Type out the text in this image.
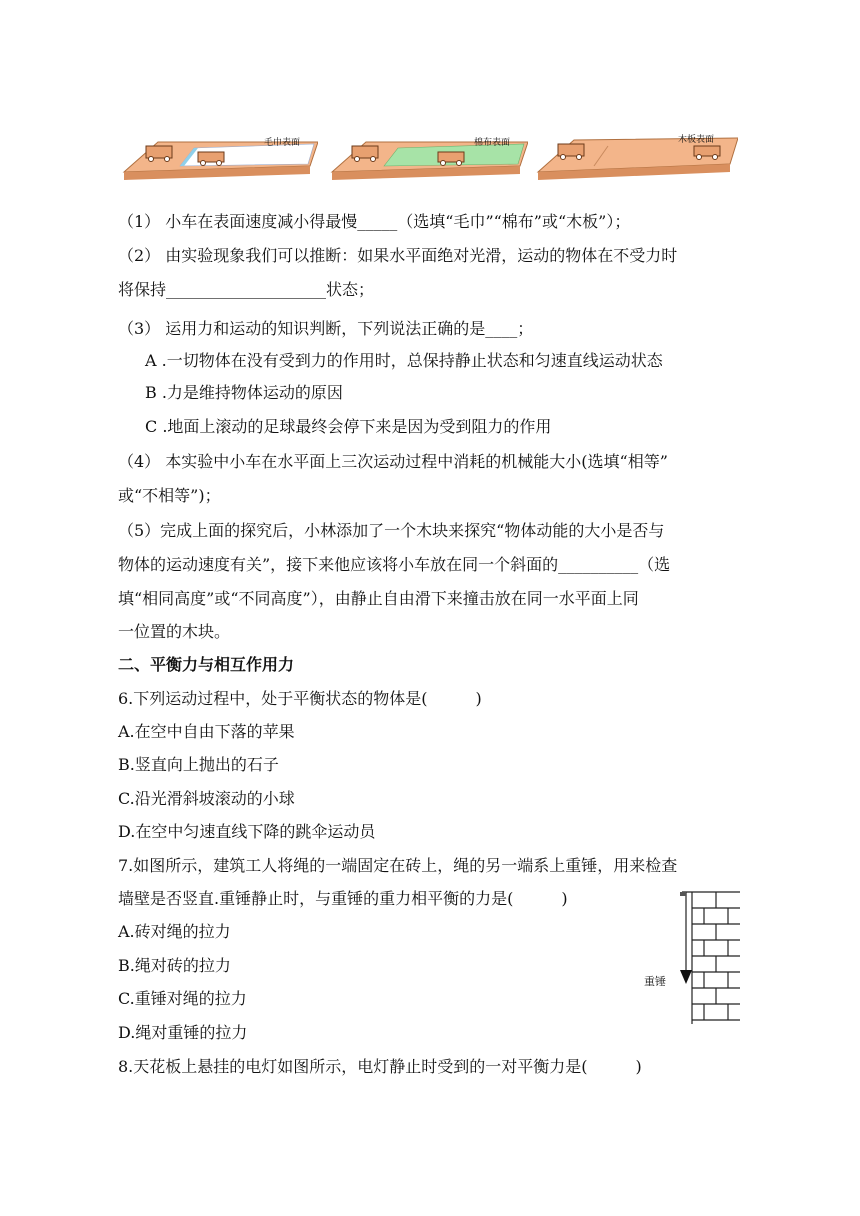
毛巾表面	棉布表面	木板表面
（1） 小车在表面速度减小得最慢_____（选填“毛巾”“棉布”或“木板”）；
（2） 由实验现象我们可以推断：如果水平面绝对光滑，运动的物体在不受力时
将保持____________________状态；
（3） 运用力和运动的知识判断，下列说法正确的是____；
A .一切物体在没有受到力的作用时，总保持静止状态和匀速直线运动状态
B .力是维持物体运动的原因
C .地面上滚动的足球最终会停下来是因为受到阻力的作用
（4） 本实验中小车在水平面上三次运动过程中消耗的机械能大小(选填“相等”
或“不相等”)；
（5）完成上面的探究后，小林添加了一个木块来探究“物体动能的大小是否与
物体的运动速度有关”，接下来他应该将小车放在同一个斜面的__________（选
填“相同高度”或“不同高度”），由静止自由滑下来撞击放在同一水平面上同
一位置的木块。
二、平衡力与相互作用力
6.下列运动过程中，处于平衡状态的物体是(　　　)
A.在空中自由下落的苹果
B.竖直向上抛出的石子
C.沿光滑斜坡滚动的小球
D.在空中匀速直线下降的跳伞运动员
7.如图所示，建筑工人将绳的一端固定在砖上，绳的另一端系上重锤，用来检查
墙壁是否竖直.重锤静止时，与重锤的重力相平衡的力是(　　　)
A.砖对绳的拉力
B.绳对砖的拉力
C.重锤对绳的拉力
D.绳对重锤的拉力
重锤
8.天花板上悬挂的电灯如图所示，电灯静止时受到的一对平衡力是(　　　)
